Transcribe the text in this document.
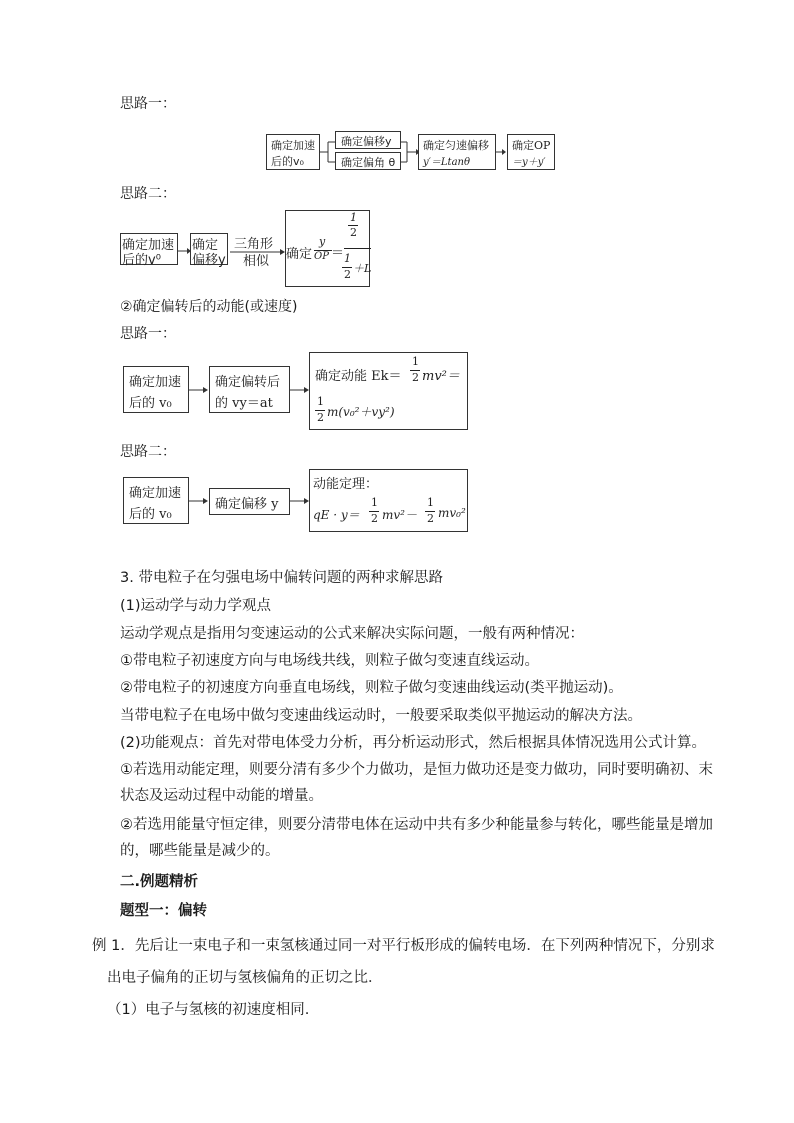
思路一：
确定加速
后的v₀
确定偏移y
确定偏角 θ
确定匀速偏移
y′＝Ltanθ
确定OP
＝y＋y′
思路二：
确定加速
后的v⁰
确定
偏移y
三角形
相似 确定
y
OP ＝
1
2
1
2 ＋L
②确定偏转后的动能(或速度)
思路一：
确定加速
后的 v₀
确定偏转后
的 vy＝at
确定动能 Ek＝
1
2 mv²＝
1
2 m(v₀²＋vy²)
思路二：
确定加速
后的 v₀
确定偏移 y
动能定理：
qE · y＝
1
2 mv²－
1
2 mv₀²
3. 带电粒子在匀强电场中偏转问题的两种求解思路
(1)运动学与动力学观点
运动学观点是指用匀变速运动的公式来解决实际问题，一般有两种情况：
①带电粒子初速度方向与电场线共线，则粒子做匀变速直线运动。
②带电粒子的初速度方向垂直电场线，则粒子做匀变速曲线运动(类平抛运动)。
当带电粒子在电场中做匀变速曲线运动时，一般要采取类似平抛运动的解决方法。
(2)功能观点：首先对带电体受力分析，再分析运动形式，然后根据具体情况选用公式计算。
①若选用动能定理，则要分清有多少个力做功，是恒力做功还是变力做功，同时要明确初、末
状态及运动过程中动能的增量。
②若选用能量守恒定律，则要分清带电体在运动中共有多少种能量参与转化，哪些能量是增加
的，哪些能量是减少的。
二.例题精析
题型一：偏转
例 1．先后让一束电子和一束氢核通过同一对平行板形成的偏转电场．在下列两种情况下，分别求
出电子偏角的正切与氢核偏角的正切之比．
（1）电子与氢核的初速度相同.
